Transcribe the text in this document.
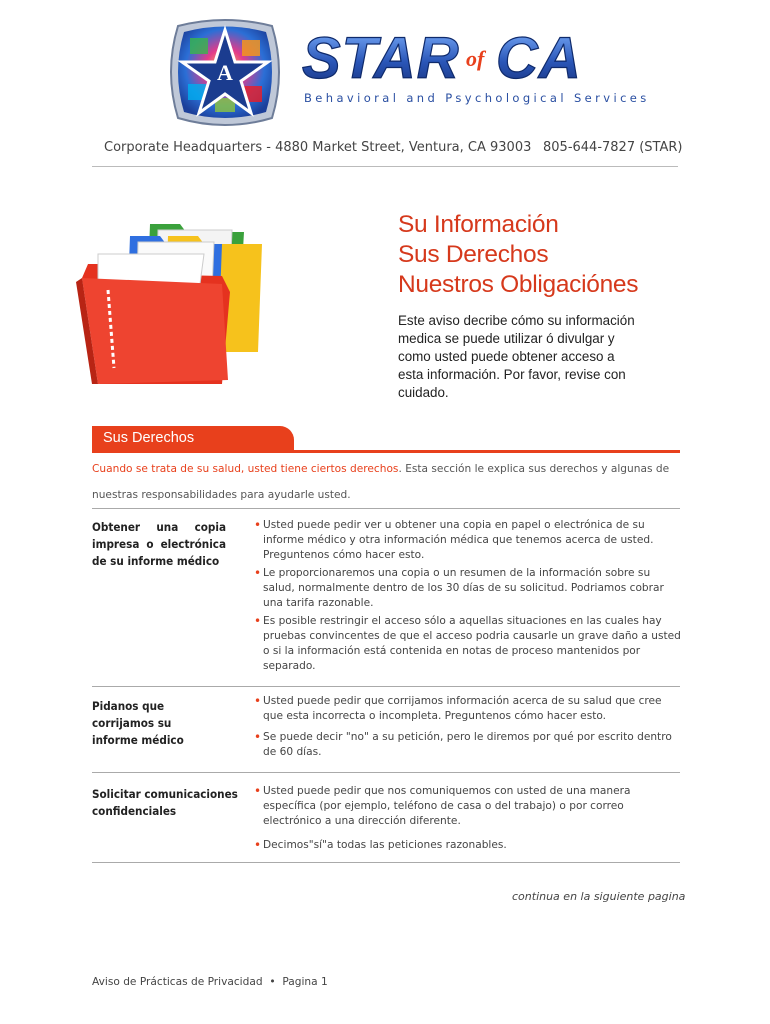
A STAR of CA
Behavioral and Psychological Services
Corporate Headquarters - 4880 Market Street, Ventura, CA 93003 805-644-7827 (STAR)
Su Información
Sus Derechos
Nuestros Obligaciónes
Este aviso decribe cómo su información medica se puede utilizar ó divulgar y como usted puede obtener acceso a esta información. Por favor, revise con cuidado.
Sus Derechos
Cuando se trata de su salud, usted tiene ciertos derechos. Esta sección le explica sus derechos y algunas de nuestras responsabilidades para ayudarle usted.
Obtener una copia impresa o electrónica de su informe médico

• Usted puede pedir ver u obtener una copia en papel o electrónica de su informe médico y otra información médica que tenemos acerca de usted. Preguntenos cómo hacer esto.

• Le proporcionaremos una copia o un resumen de la información sobre su salud, normalmente dentro de los 30 días de su solicitud. Podriamos cobrar una tarifa razonable.

• Es posible restringir el acceso sólo a aquellas situaciones en las cuales hay pruebas convincentes de que el acceso podria causarle un grave daño a usted o si la información está contenida en notas de proceso mantenidos por separado.

Pidanos que corrijamos su informe médico

• Usted puede pedir que corrijamos información acerca de su salud que cree que esta incorrecta o incompleta. Preguntenos cómo hacer esto.

• Se puede decir "no" a su petición, pero le diremos por qué por escrito dentro de 60 días.

Solicitar comunicaciones confidenciales

• Usted puede pedir que nos comuniquemos con usted de una manera específica (por ejemplo, teléfono de casa o del trabajo) o por correo electrónico a una dirección diferente.

• Decimos"sí"a todas las peticiones razonables.

continua en la siguiente pagina
Aviso de Prácticas de Privacidad • Pagina 1
